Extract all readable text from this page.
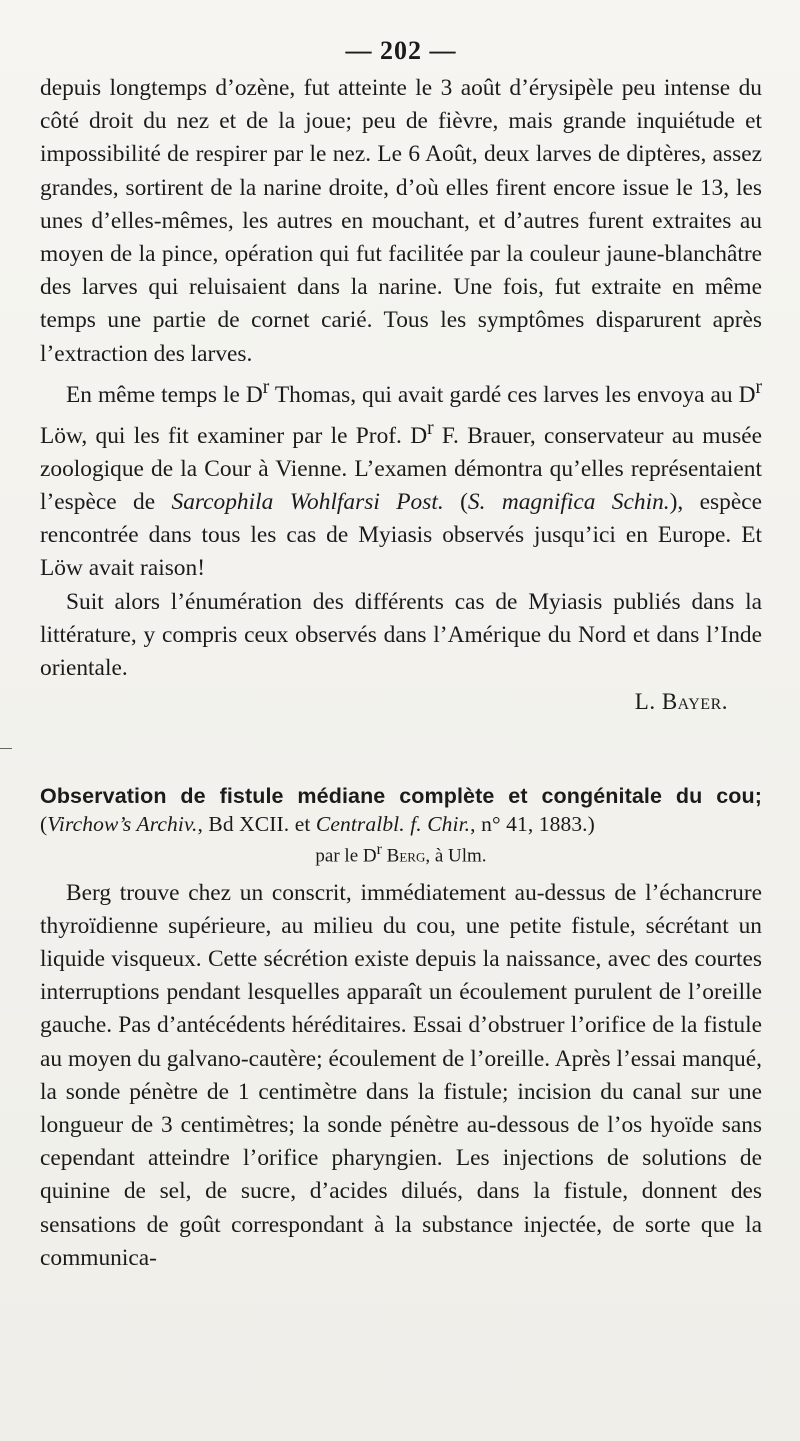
— 202 —

depuis longtemps d’ozène, fut atteinte le 3 août d’érysipèle peu intense du côté droit du nez et de la joue; peu de fièvre, mais grande inquiétude et impossibilité de respirer par le nez. Le 6 Août, deux larves de diptères, assez grandes, sortirent de la narine droite, d’où elles firent encore issue le 13, les unes d’elles-mêmes, les autres en mouchant, et d’autres furent extraites au moyen de la pince, opération qui fut facilitée par la couleur jaune-blanchâtre des larves qui reluisaient dans la narine. Une fois, fut extraite en même temps une partie de cornet carié. Tous les symptômes disparurent après l’extraction des larves.

En même temps le $D^r$ Thomas, qui avait gardé ces larves les envoya au $D^r$ Löw, qui les fit examiner par le Prof. $D^r$ F. Brauer, conservateur au musée zoologique de la Cour à Vienne. L’examen démontra qu’elles représentaient l’espèce de Sarcophila Wohlfarsi Post. (S. magnifica Schin.), espèce rencontrée dans tous les cas de Myiasis observés jusqu’ici en Europe. Et Löw avait raison!

Suit alors l’énumération des différents cas de Myiasis publiés dans la littérature, y compris ceux observés dans l’Amérique du Nord et dans l’Inde orientale.

L. Bayer.
Observation de fistule médiane complète et congénitale du cou; (Virchow’s Archiv., Bd XCII. et Centralbl. f. Chir., n° 41, 1883.)
par le $D^r$ Berg, à Ulm.

Berg trouve chez un conscrit, immédiatement au-dessus de l’échancrure thyroïdienne supérieure, au milieu du cou, une petite fistule, sécrétant un liquide visqueux. Cette sécrétion existe depuis la naissance, avec des courtes interruptions pendant lesquelles apparaît un écoulement purulent de l’oreille gauche. Pas d’antécédents héréditaires. Essai d’obstruer l’orifice de la fistule au moyen du galvano-cautère; écoulement de l’oreille. Après l’essai manqué, la sonde pénètre de 1 centimètre dans la fistule; incision du canal sur une longueur de 3 centimètres; la sonde pénètre au-dessous de l’os hyoïde sans cependant atteindre l’orifice pharyngien. Les injections de solutions de quinine de sel, de sucre, d’acides dilués, dans la fistule, donnent des sensations de goût correspondant à la substance injectée, de sorte que la communica-
